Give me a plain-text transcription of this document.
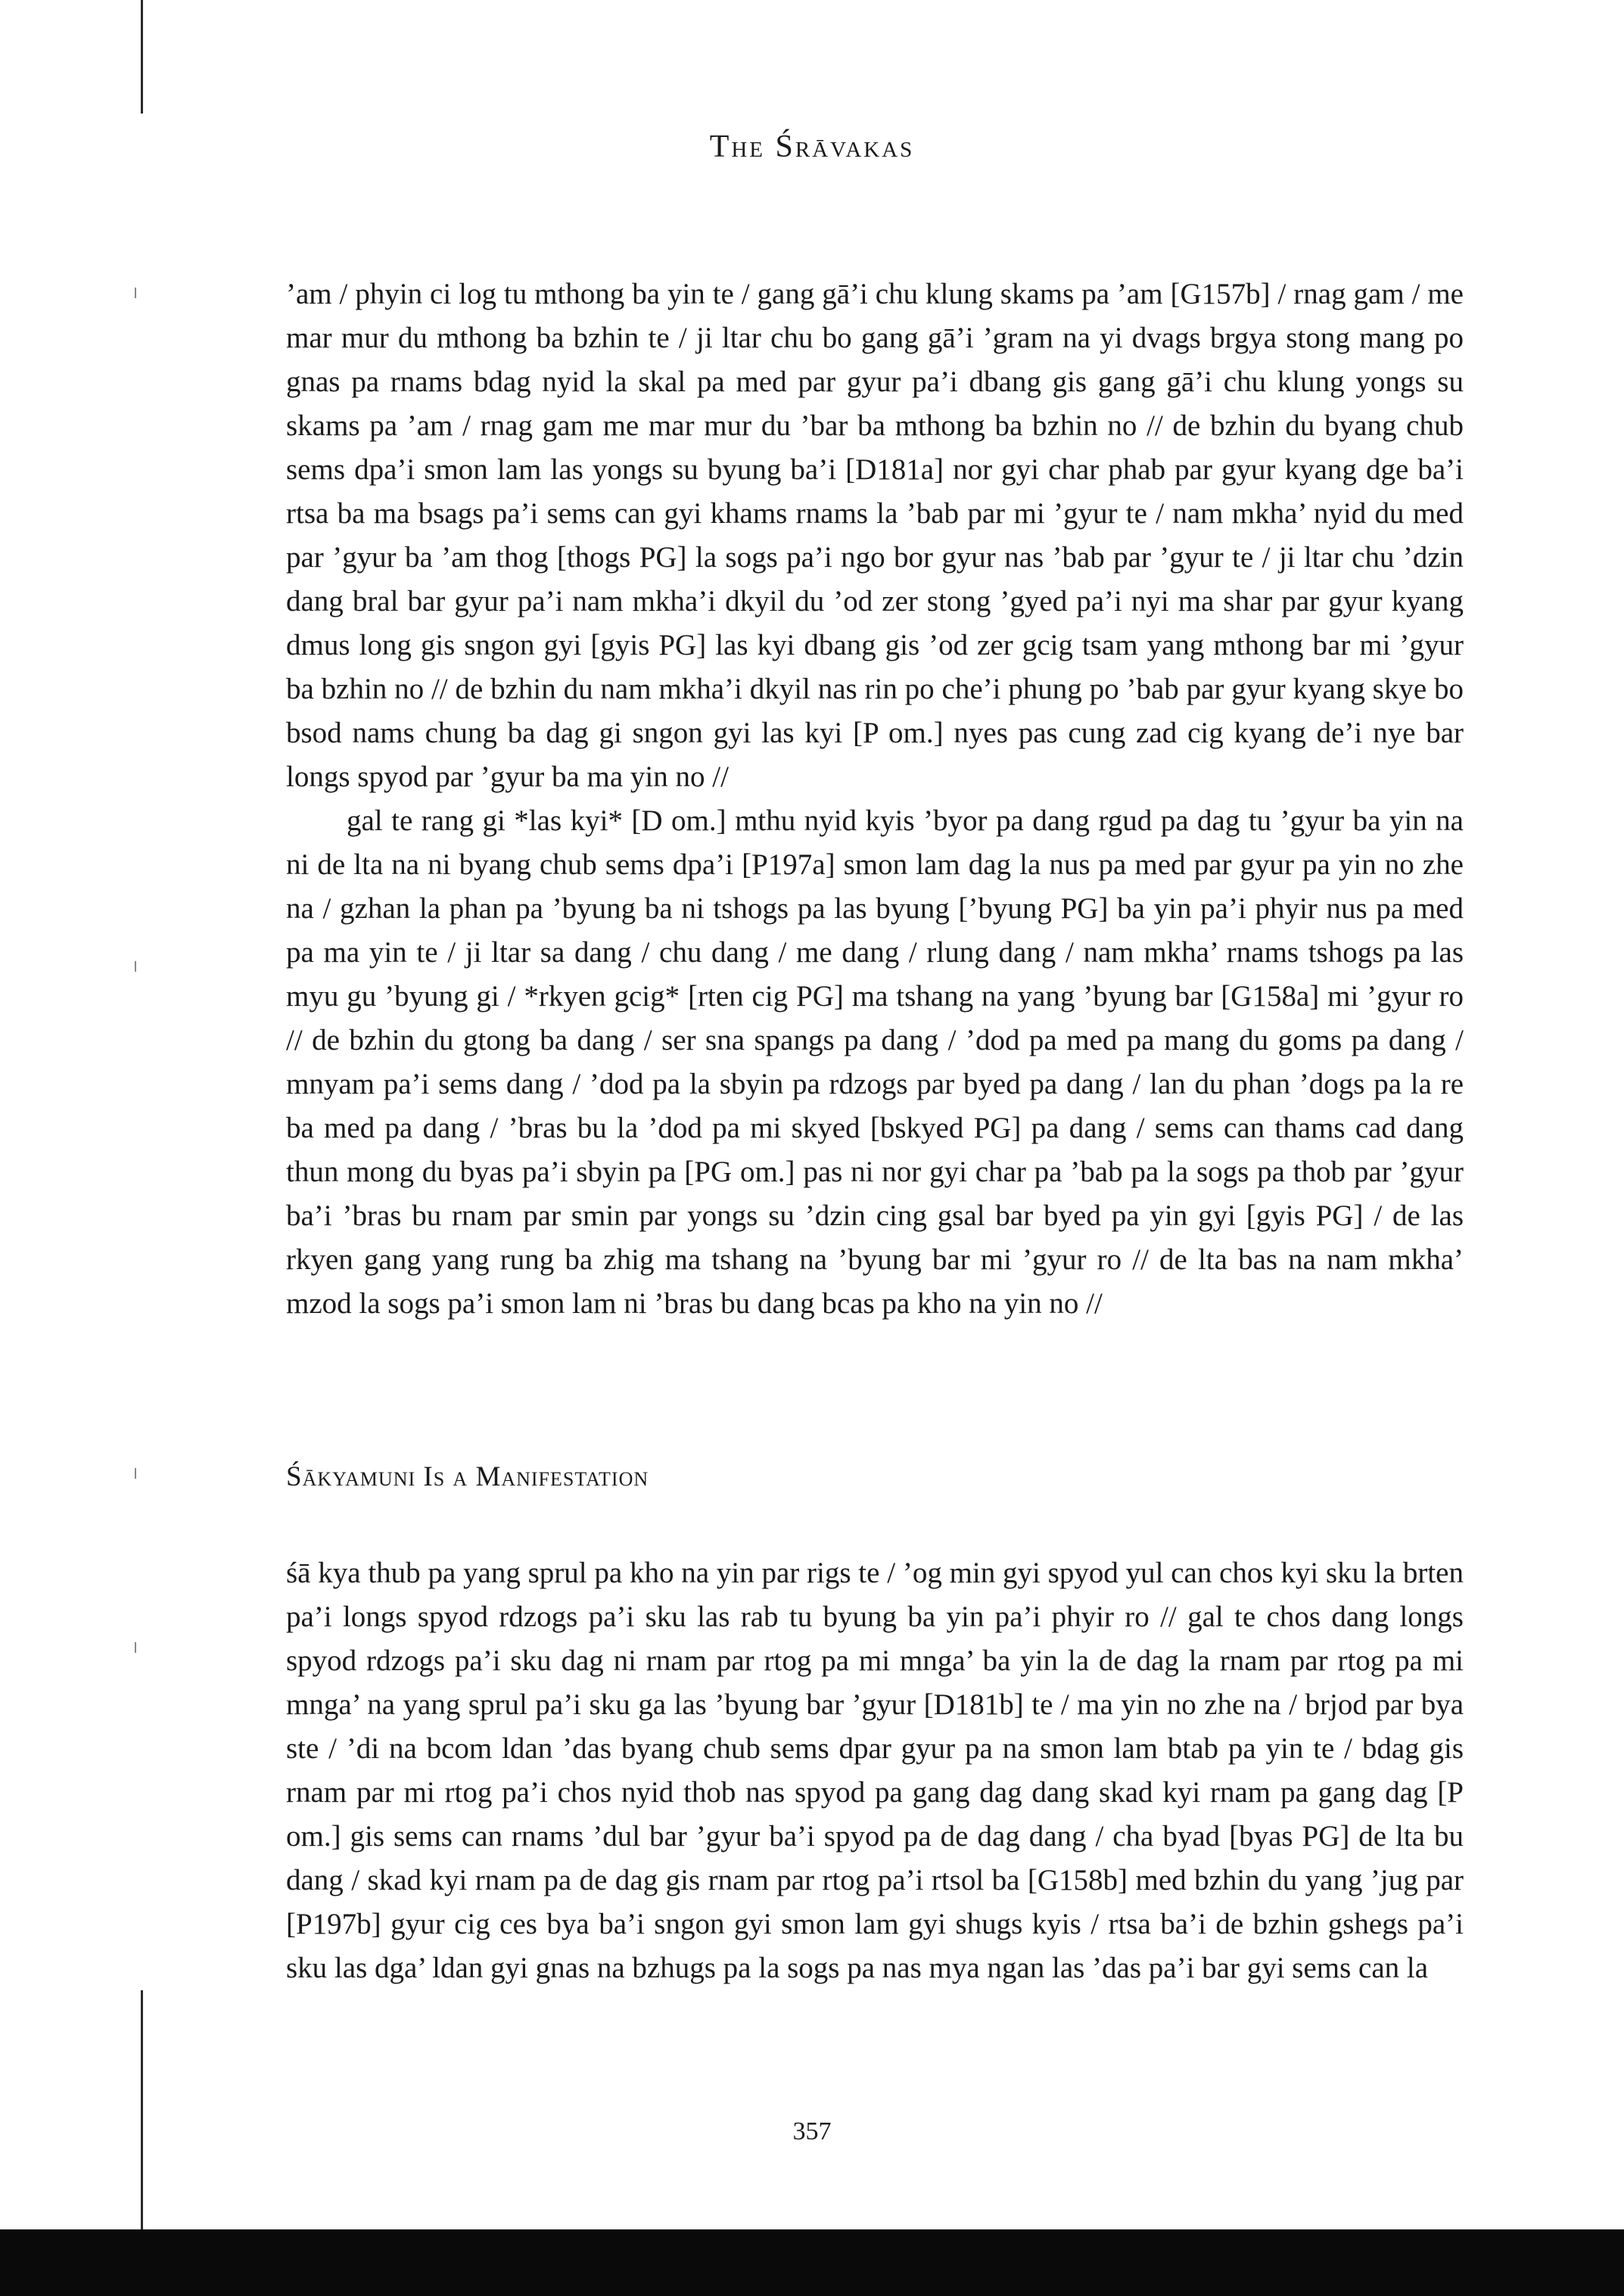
The Śrāvakas

’am / phyin ci log tu mthong ba yin te / gang gā’i chu klung skams pa ’am [G157b] / rnag gam / me mar mur du mthong ba bzhin te / ji ltar chu bo gang gā’i ’gram na yi dvags brgya stong mang po gnas pa rnams bdag nyid la skal pa med par gyur pa’i dbang gis gang gā’i chu klung yongs su skams pa ’am / rnag gam me mar mur du ’bar ba mthong ba bzhin no // de bzhin du byang chub sems dpa’i smon lam las yongs su byung ba’i [D181a] nor gyi char phab par gyur kyang dge ba’i rtsa ba ma bsags pa’i sems can gyi khams rnams la ’bab par mi ’gyur te / nam mkha’ nyid du med par ’gyur ba ’am thog [thogs PG] la sogs pa’i ngo bor gyur nas ’bab par ’gyur te / ji ltar chu ’dzin dang bral bar gyur pa’i nam mkha’i dkyil du ’od zer stong ’gyed pa’i nyi ma shar par gyur kyang dmus long gis sngon gyi [gyis PG] las kyi dbang gis ’od zer gcig tsam yang mthong bar mi ’gyur ba bzhin no // de bzhin du nam mkha’i dkyil nas rin po che’i phung po ’bab par gyur kyang skye bo bsod nams chung ba dag gi sngon gyi las kyi [P om.] nyes pas cung zad cig kyang de’i nye bar longs spyod par ’gyur ba ma yin no //

gal te rang gi *las kyi* [D om.] mthu nyid kyis ’byor pa dang rgud pa dag tu ’gyur ba yin na ni de lta na ni byang chub sems dpa’i [P197a] smon lam dag la nus pa med par gyur pa yin no zhe na / gzhan la phan pa ’byung ba ni tshogs pa las byung [’byung PG] ba yin pa’i phyir nus pa med pa ma yin te / ji ltar sa dang / chu dang / me dang / rlung dang / nam mkha’ rnams tshogs pa las myu gu ’byung gi / *rkyen gcig* [rten cig PG] ma tshang na yang ’byung bar [G158a] mi ’gyur ro // de bzhin du gtong ba dang / ser sna spangs pa dang / ’dod pa med pa mang du goms pa dang / mnyam pa’i sems dang / ’dod pa la sbyin pa rdzogs par byed pa dang / lan du phan ’dogs pa la re ba med pa dang / ’bras bu la ’dod pa mi skyed [bskyed PG] pa dang / sems can thams cad dang thun mong du byas pa’i sbyin pa [PG om.] pas ni nor gyi char pa ’bab pa la sogs pa thob par ’gyur ba’i ’bras bu rnam par smin par yongs su ’dzin cing gsal bar byed pa yin gyi [gyis PG] / de las rkyen gang yang rung ba zhig ma tshang na ’byung bar mi ’gyur ro // de lta bas na nam mkha’ mzod la sogs pa’i smon lam ni ’bras bu dang bcas pa kho na yin no //

Śākyamuni Is a Manifestation

śā kya thub pa yang sprul pa kho na yin par rigs te / ’og min gyi spyod yul can chos kyi sku la brten pa’i longs spyod rdzogs pa’i sku las rab tu byung ba yin pa’i phyir ro // gal te chos dang longs spyod rdzogs pa’i sku dag ni rnam par rtog pa mi mnga’ ba yin la de dag la rnam par rtog pa mi mnga’ na yang sprul pa’i sku ga las ’byung bar ’gyur [D181b] te / ma yin no zhe na / brjod par bya ste / ’di na bcom ldan ’das byang chub sems dpar gyur pa na smon lam btab pa yin te / bdag gis rnam par mi rtog pa’i chos nyid thob nas spyod pa gang dag dang skad kyi rnam pa gang dag [P om.] gis sems can rnams ’dul bar ’gyur ba’i spyod pa de dag dang / cha byad [byas PG] de lta bu dang / skad kyi rnam pa de dag gis rnam par rtog pa’i rtsol ba [G158b] med bzhin du yang ’jug par [P197b] gyur cig ces bya ba’i sngon gyi smon lam gyi shugs kyis / rtsa ba’i de bzhin gshegs pa’i sku las dga’ ldan gyi gnas na bzhugs pa la sogs pa nas mya ngan las ’das pa’i bar gyi sems can la

357
